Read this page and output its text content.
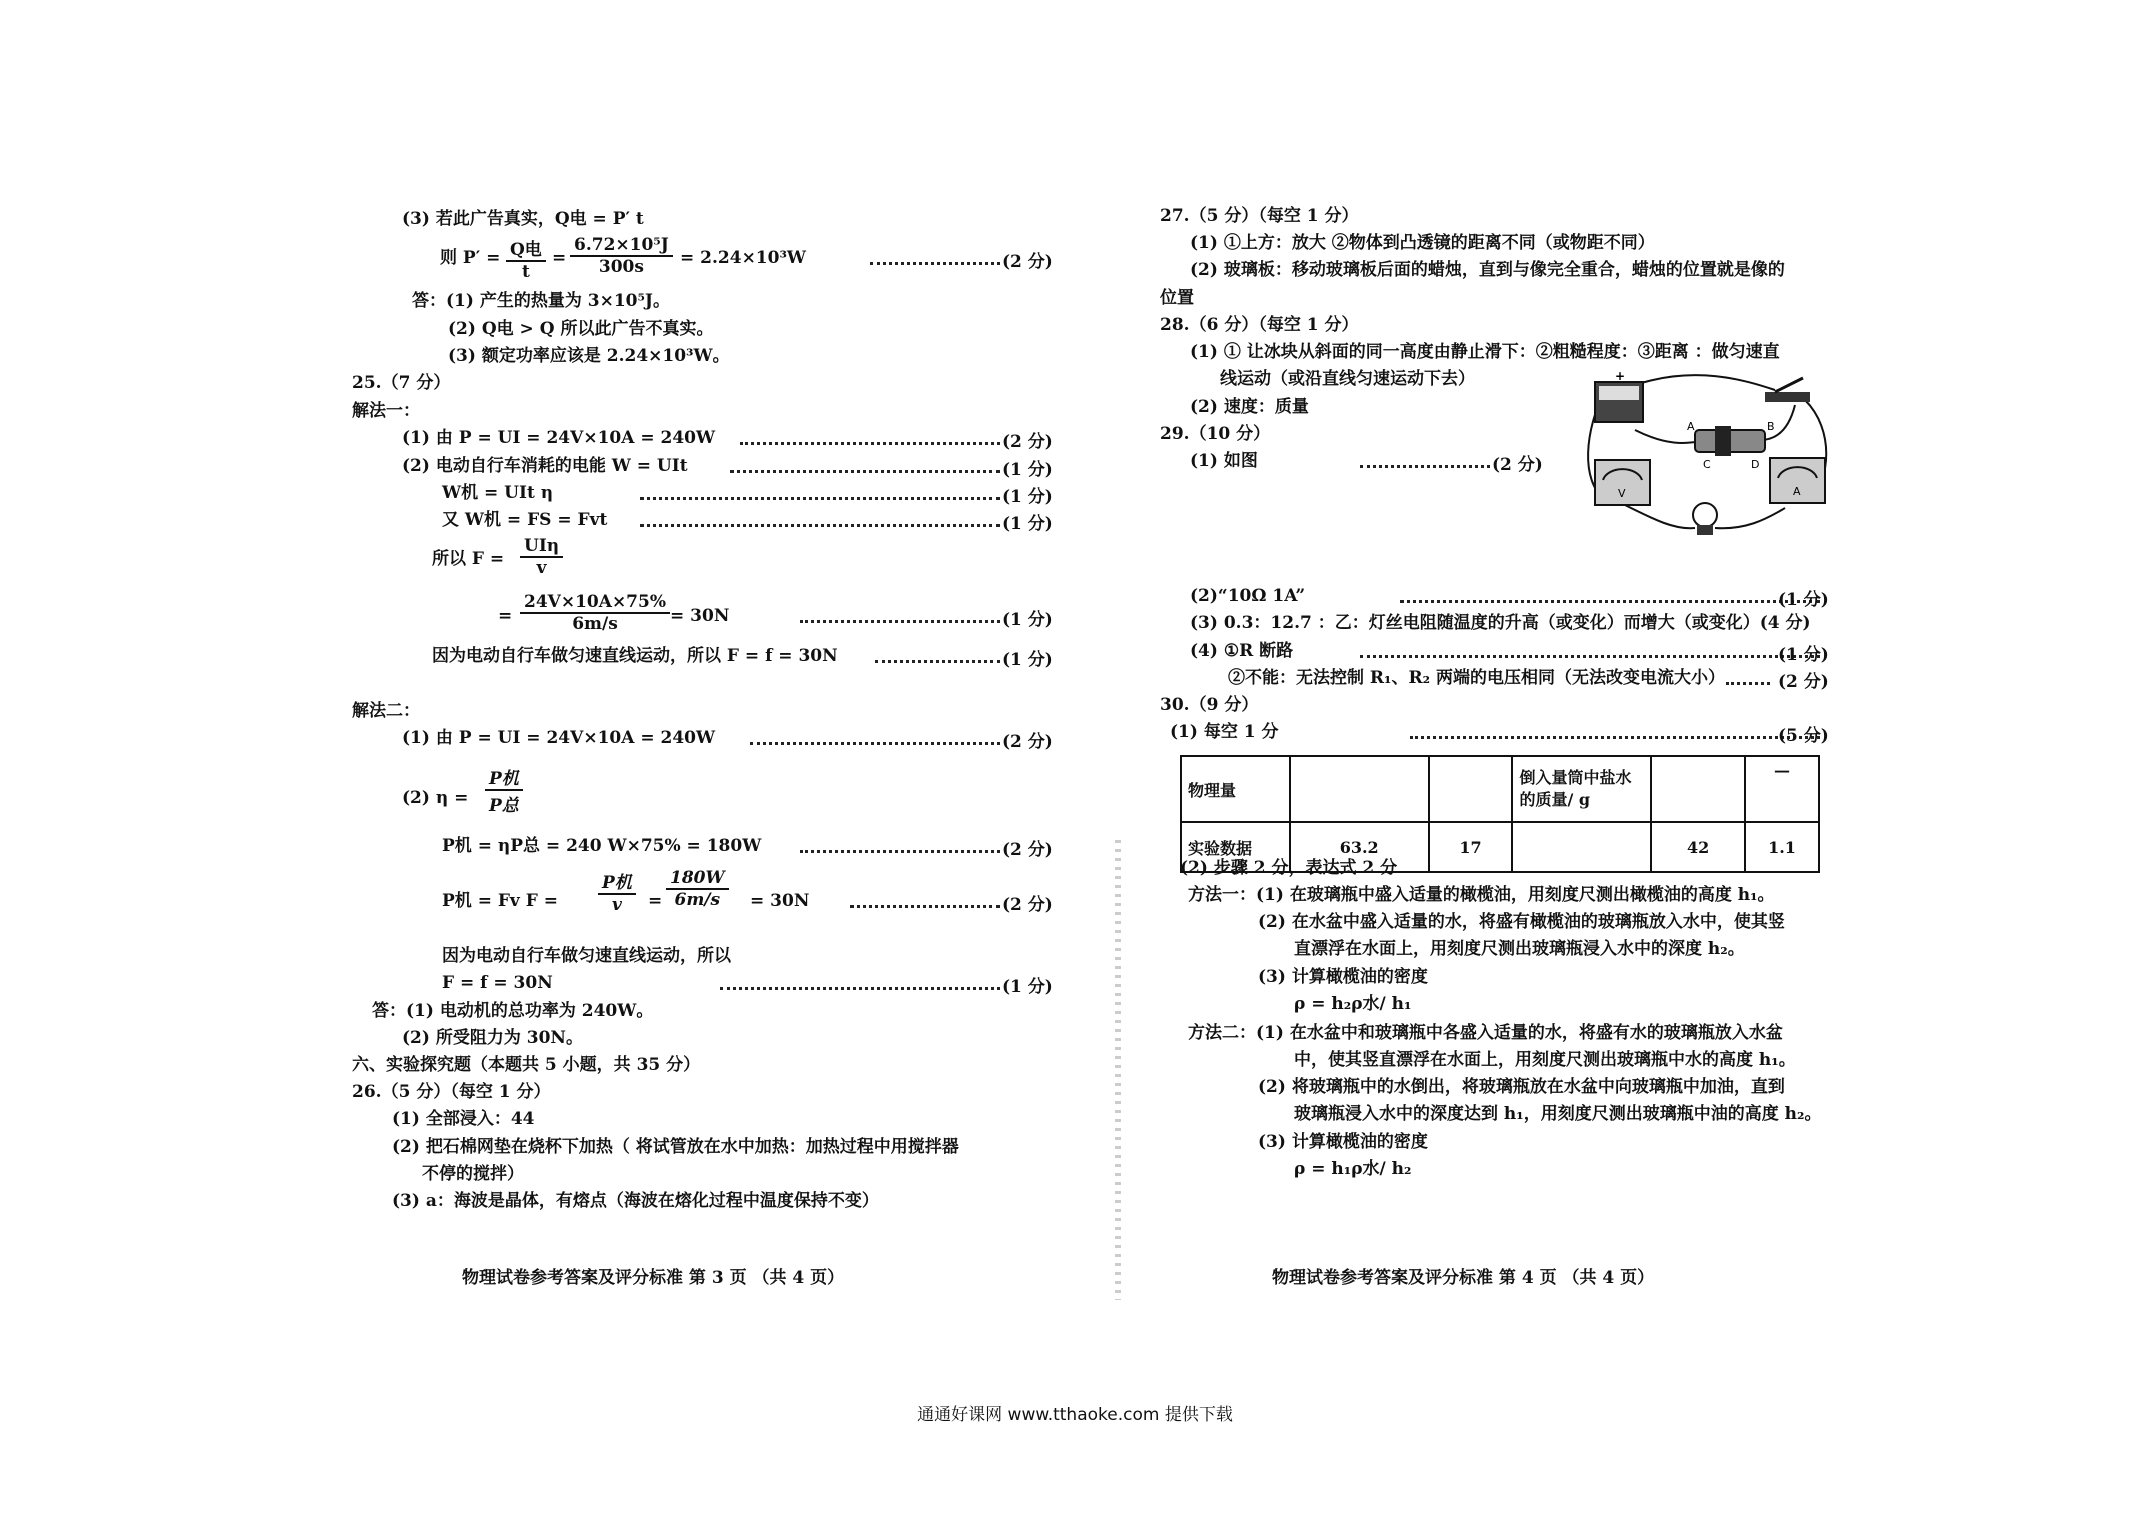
(3) 若此广告真实，Q电 = P′ t
则 P′ = Q电
t
= $\frac{\text{6.72×10⁵J}}{300s} = 2.24\times 10^3W$	(2 分)
答：(1) 产生的热量为 3×10⁵J。
(2) Q电 > Q 所以此广告不真实。
(3) 额定功率应该是 2.24×10³W。
25.（7 分）
解法一：
(1) 由 P = UI = 24V×10A = 240W	(2 分)
(2) 电动自行车消耗的电能 W = UIt	(1 分)
W机 = UIt η	(1 分)
又 W机 = FS = Fvt	(1 分)
所以 F =
UIη
v
= $\frac{24V\times 10A\times 75\%}{6m/s} = 30N$	(1 分)
因为电动自行车做匀速直线运动，所以 F = f = 30N	(1 分)
解法二：
(1) 由 P = UI = 24V×10A = 240W	(2 分)
(2) η =
P机
P总
P机 = ηP总 = 240 W×75% = 180W	(2 分)
P机 = Fv F =
P机
$v = \frac{180W}{6m/s} = 30N$	(2 分)
因为电动自行车做匀速直线运动，所以
F = f = 30N	(1 分)
答：(1) 电动机的总功率为 240W。
(2) 所受阻力为 30N。
六、实验探究题（本题共 5 小题，共 35 分）
26.（5 分）（每空 1 分）
(1) 全部浸入：44
(2) 把石棉网垫在烧杯下加热（ 将试管放在水中加热：加热过程中用搅拌器
不停的搅拌）
(3) a：海波是晶体，有熔点（海波在熔化过程中温度保持不变）
物理试卷参考答案及评分标准 第 3 页 （共 4 页）
27.（5 分）（每空 1 分）
(1) ①上方：放大 ②物体到凸透镜的距离不同（或物距不同）
(2) 玻璃板：移动玻璃板后面的蜡烛，直到与像完全重合，蜡烛的位置就是像的
位置
28.（6 分）（每空 1 分）
(1) ① 让冰块从斜面的同一高度由静止滑下：②粗糙程度：③距离 ：做匀速直
线运动（或沿直线匀速运动下去）
(2) 速度：质量
29.（10 分）
(1) 如图	(2 分)
+
A	B
C	D
V	A
(2)“10Ω 1A”	(1 分)
(3) 0.3：12.7 ：乙：灯丝电阻随温度的升高（或变化）而增大（或变化）(4 分)
(4) ①R 断路	(1 分)
②不能：无法控制 R₁、R₂ 两端的电压相同（无法改变电流大小）	(2 分)
30.（9 分）
(1) 每空 1 分	(5 分)
物理量			倒入量筒中盐水的质量/ g		—
实验数据	63.2	17		42	1.1
(2) 步骤 2 分，表达式 2 分
方法一：(1) 在玻璃瓶中盛入适量的橄榄油，用刻度尺测出橄榄油的高度 h₁。
(2) 在水盆中盛入适量的水，将盛有橄榄油的玻璃瓶放入水中，使其竖
直漂浮在水面上，用刻度尺测出玻璃瓶浸入水中的深度 h₂。
(3) 计算橄榄油的密度
ρ = h₂ρ水/ h₁
方法二：(1) 在水盆中和玻璃瓶中各盛入适量的水，将盛有水的玻璃瓶放入水盆
中，使其竖直漂浮在水面上，用刻度尺测出玻璃瓶中水的高度 h₁。
(2) 将玻璃瓶中的水倒出，将玻璃瓶放在水盆中向玻璃瓶中加油，直到
玻璃瓶浸入水中的深度达到 h₁，用刻度尺测出玻璃瓶中油的高度 h₂。
(3) 计算橄榄油的密度
ρ = h₁ρ水/ h₂
物理试卷参考答案及评分标准 第 4 页 （共 4 页）
通通好课网 www.tthaoke.com 提供下载
